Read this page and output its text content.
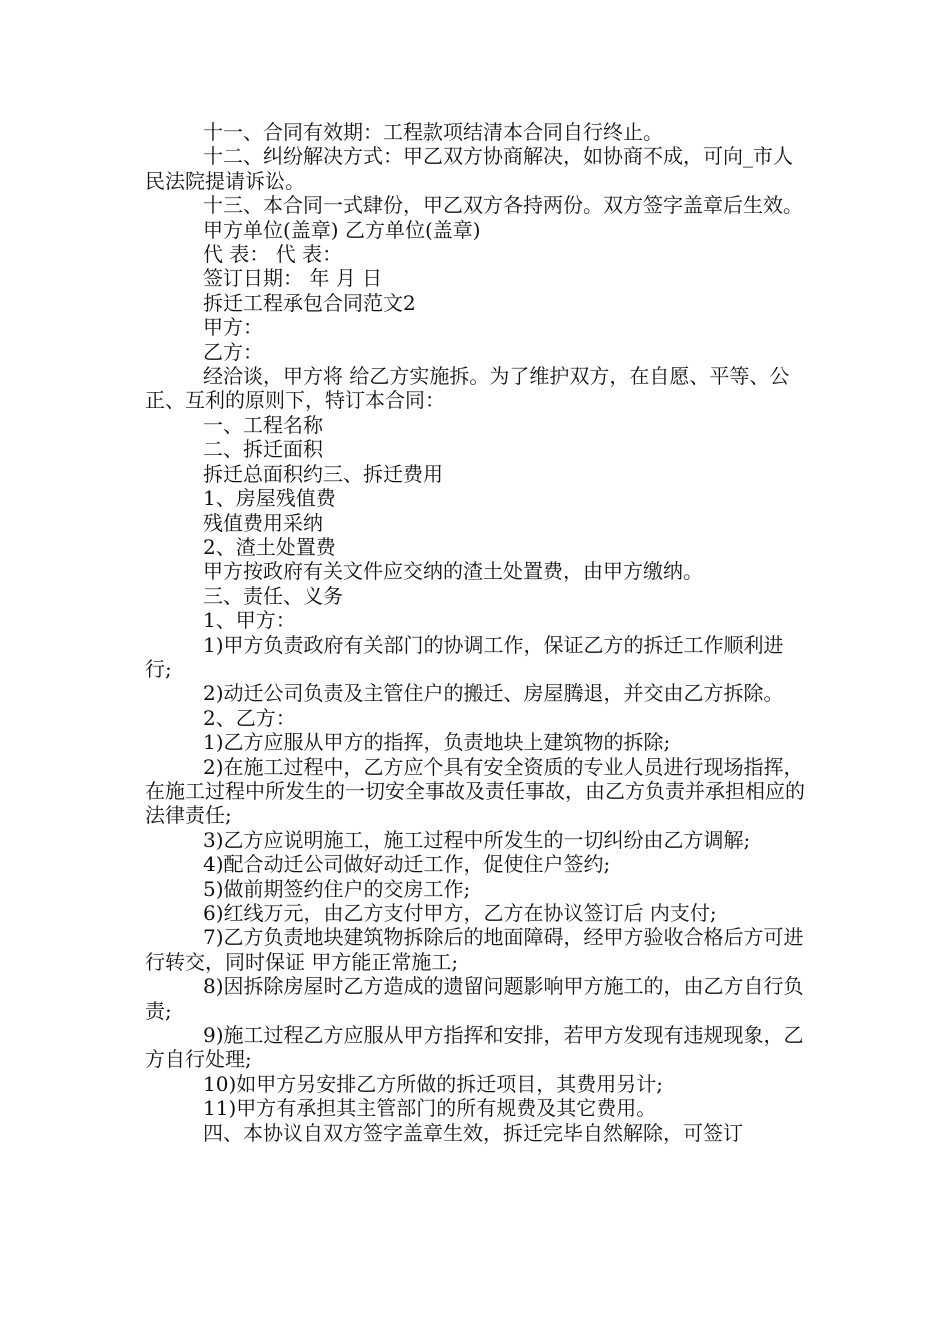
十一、合同有效期：工程款项结清本合同自行终止。

十二、纠纷解决方式：甲乙双方协商解决，如协商不成，可向_市人民法院提请诉讼。

十三、本合同一式肆份，甲乙双方各持两份。双方签字盖章后生效。

甲方单位(盖章) 乙方单位(盖章)

代 表： 代 表：

签订日期： 年 月 日

拆迁工程承包合同范文2

甲方：

乙方：

经洽谈，甲方将 给乙方实施拆。为了维护双方，在自愿、平等、公正、互利的原则下，特订本合同：

一、工程名称

二、拆迁面积

拆迁总面积约三、拆迁费用

1、房屋残值费

残值费用采纳

2、渣土处置费

甲方按政府有关文件应交纳的渣土处置费，由甲方缴纳。

三、责任、义务

1、甲方：

1)甲方负责政府有关部门的协调工作，保证乙方的拆迁工作顺利进行;

2)动迁公司负责及主管住户的搬迁、房屋腾退，并交由乙方拆除。

2、乙方：

1)乙方应服从甲方的指挥，负责地块上建筑物的拆除;

2)在施工过程中，乙方应个具有安全资质的专业人员进行现场指挥，在施工过程中所发生的一切安全事故及责任事故，由乙方负责并承担相应的法律责任;

3)乙方应说明施工，施工过程中所发生的一切纠纷由乙方调解;

4)配合动迁公司做好动迁工作，促使住户签约;

5)做前期签约住户的交房工作;

6)红线万元，由乙方支付甲方，乙方在协议签订后 内支付;

7)乙方负责地块建筑物拆除后的地面障碍，经甲方验收合格后方可进行转交，同时保证 甲方能正常施工;

8)因拆除房屋时乙方造成的遗留问题影响甲方施工的，由乙方自行负责;

9)施工过程乙方应服从甲方指挥和安排，若甲方发现有违规现象，乙方自行处理;

10)如甲方另安排乙方所做的拆迁项目，其费用另计;

11)甲方有承担其主管部门的所有规费及其它费用。

四、本协议自双方签字盖章生效，拆迁完毕自然解除，可签订
